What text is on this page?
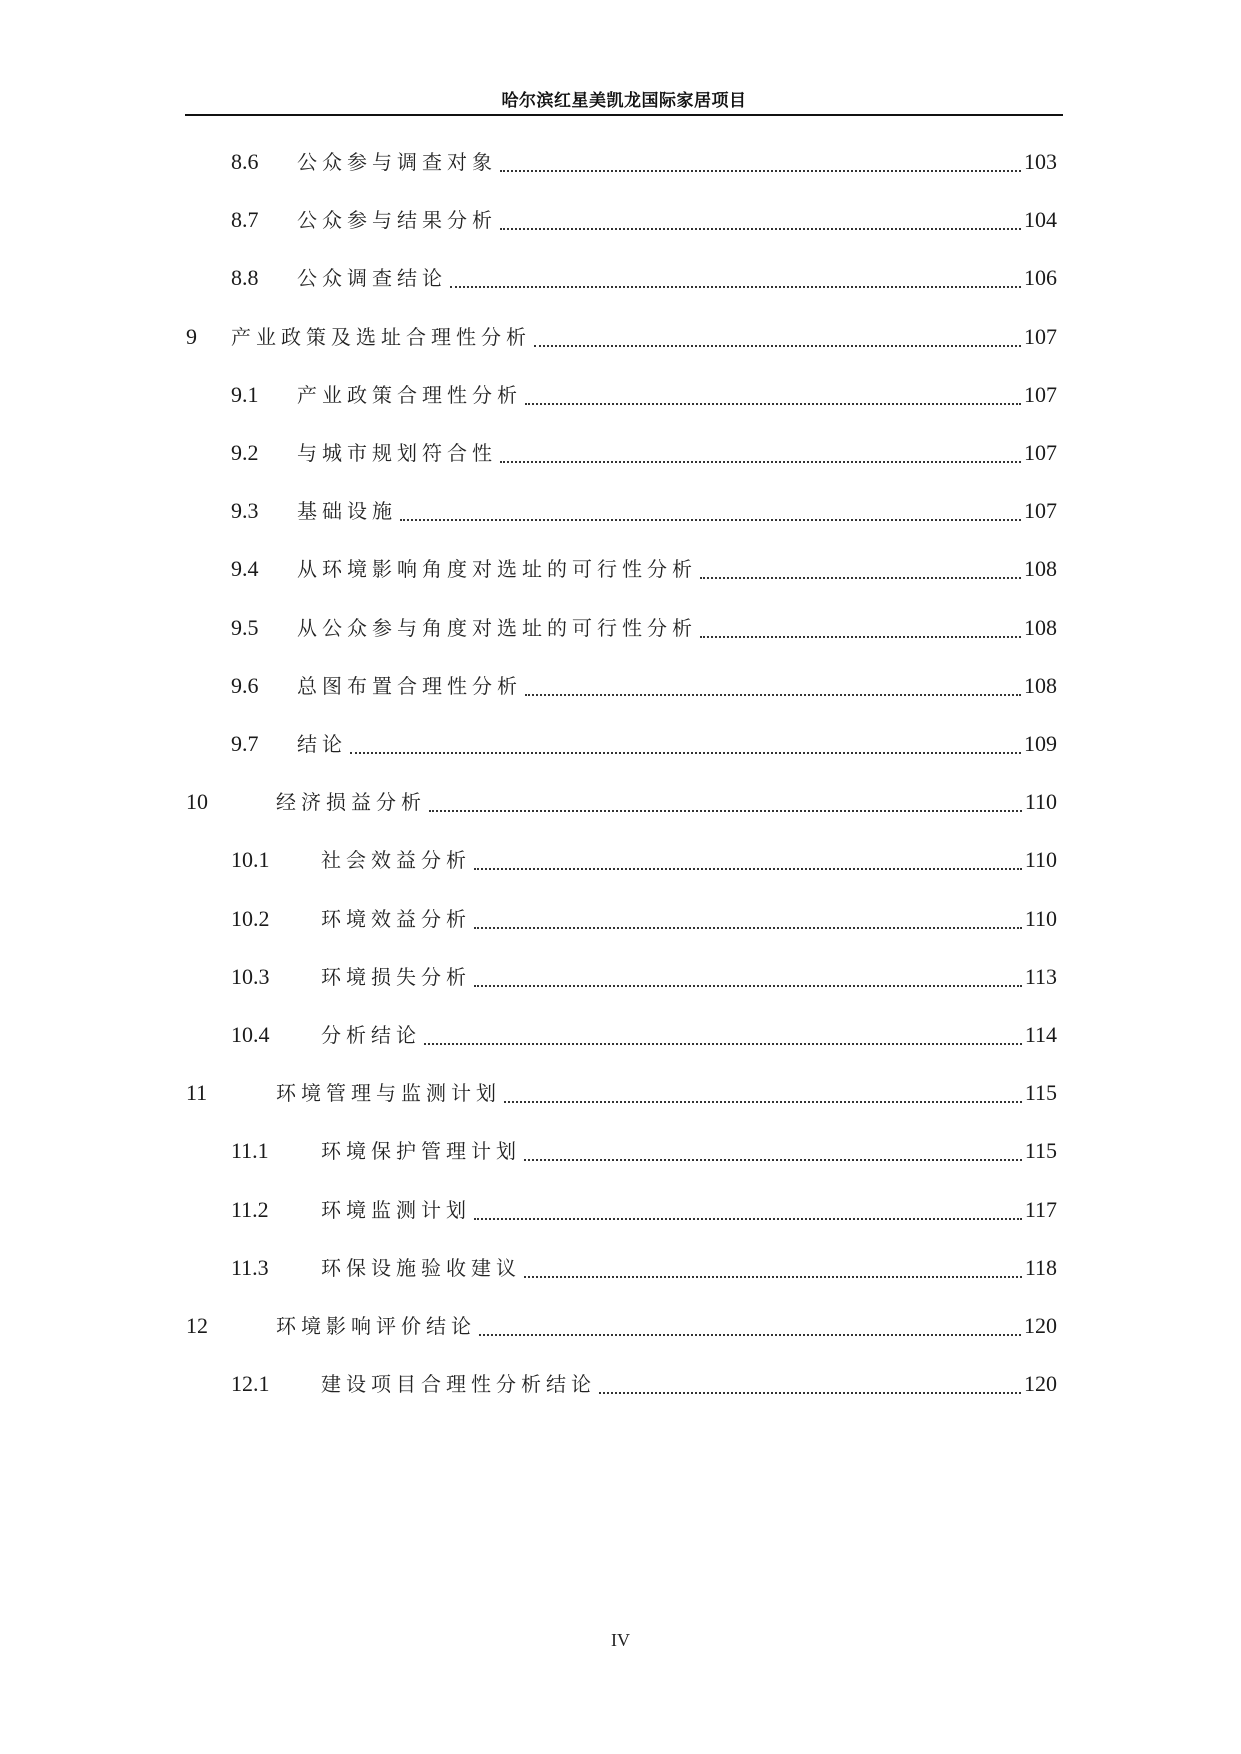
哈尔滨红星美凯龙国际家居项目
8.6	公众参与调查对象	103
8.7	公众参与结果分析	104
8.8	公众调查结论	106
9	产业政策及选址合理性分析	107
9.1	产业政策合理性分析	107
9.2	与城市规划符合性	107
9.3	基础设施	107
9.4	从环境影响角度对选址的可行性分析	108
9.5	从公众参与角度对选址的可行性分析	108
9.6	总图布置合理性分析	108
9.7	结论	109
10	经济损益分析	110
10.1	社会效益分析	110
10.2	环境效益分析	110
10.3	环境损失分析	113
10.4	分析结论	114
11	环境管理与监测计划	115
11.1	环境保护管理计划	115
11.2	环境监测计划	117
11.3	环保设施验收建议	118
12	环境影响评价结论	120
12.1	建设项目合理性分析结论	120
IV
